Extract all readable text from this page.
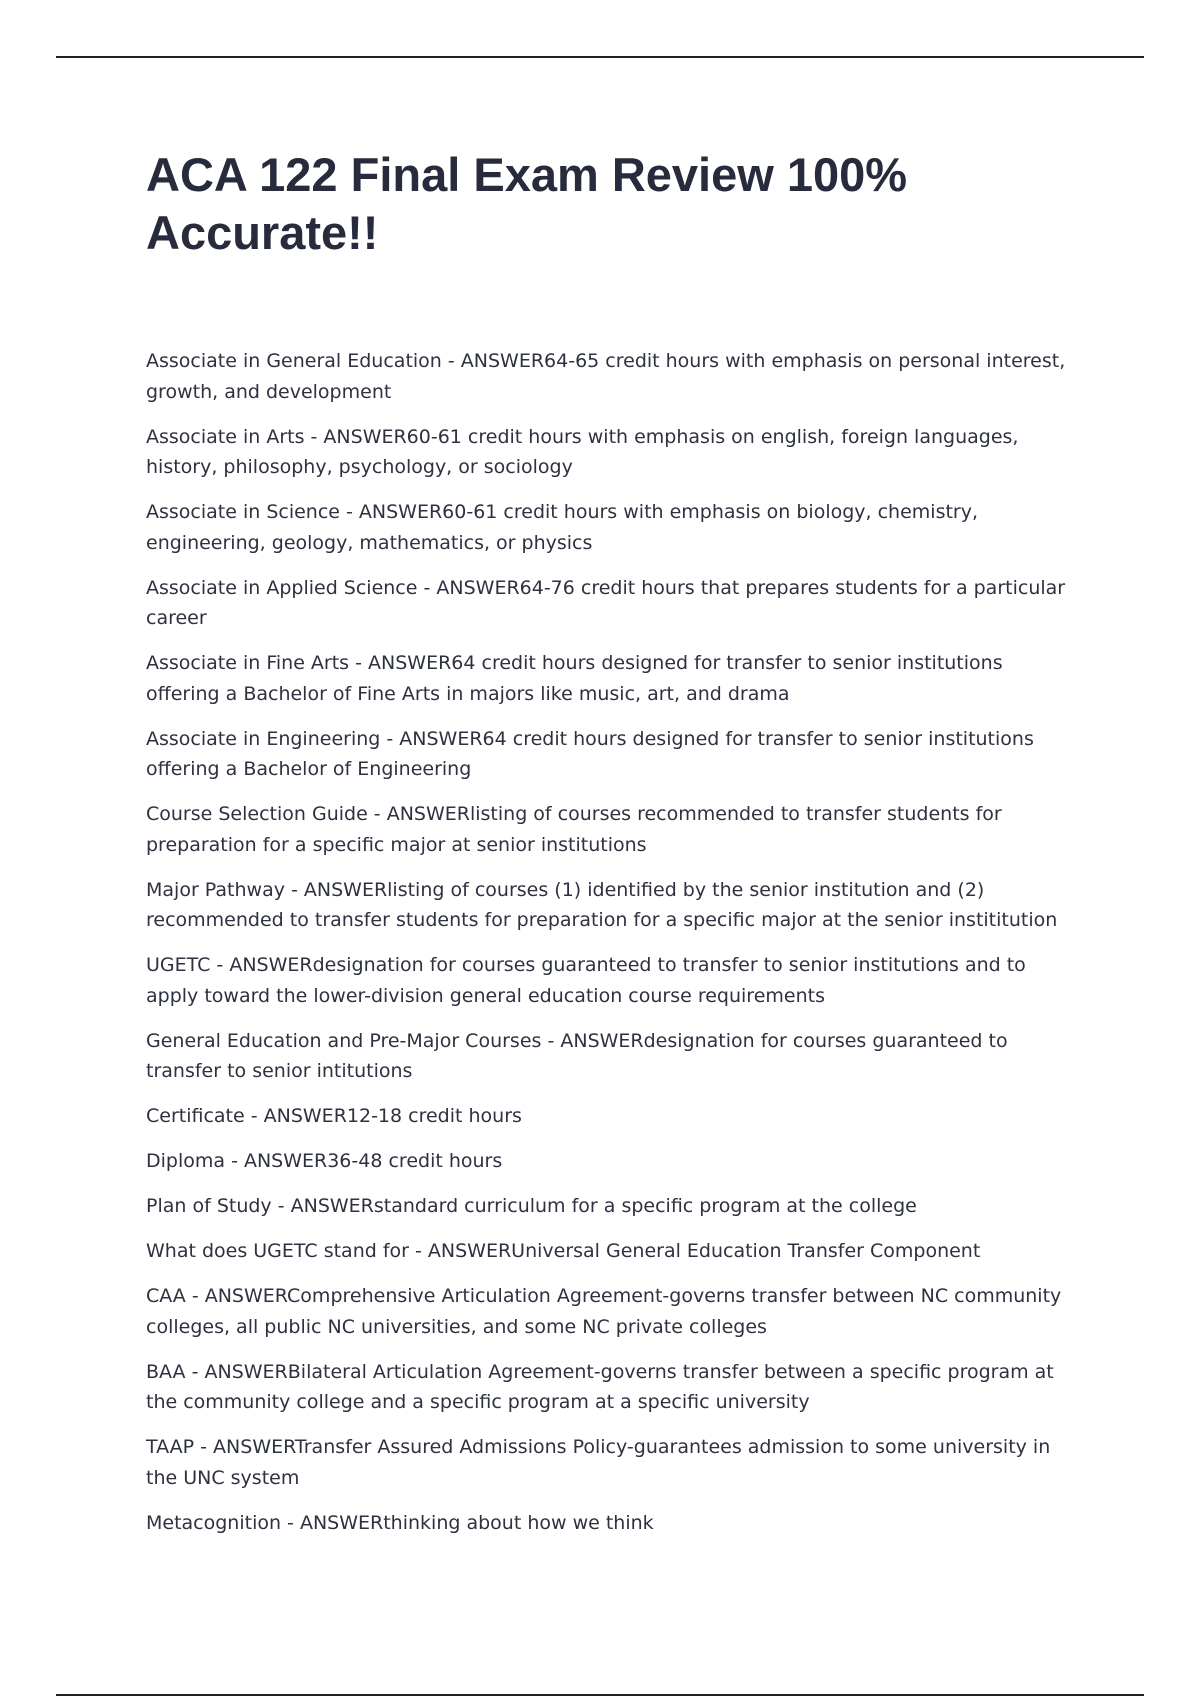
ACA 122 Final Exam Review 100% Accurate!!
Associate in General Education - ANSWER64-65 credit hours with emphasis on personal interest, growth, and development
Associate in Arts - ANSWER60-61 credit hours with emphasis on english, foreign languages, history, philosophy, psychology, or sociology
Associate in Science - ANSWER60-61 credit hours with emphasis on biology, chemistry, engineering, geology, mathematics, or physics
Associate in Applied Science - ANSWER64-76 credit hours that prepares students for a particular career
Associate in Fine Arts - ANSWER64 credit hours designed for transfer to senior institutions offering a Bachelor of Fine Arts in majors like music, art, and drama
Associate in Engineering - ANSWER64 credit hours designed for transfer to senior institutions offering a Bachelor of Engineering
Course Selection Guide - ANSWERlisting of courses recommended to transfer students for preparation for a specific major at senior institutions
Major Pathway - ANSWERlisting of courses (1) identified by the senior institution and (2) recommended to transfer students for preparation for a specific major at the senior instititution
UGETC - ANSWERdesignation for courses guaranteed to transfer to senior institutions and to apply toward the lower-division general education course requirements
General Education and Pre-Major Courses - ANSWERdesignation for courses guaranteed to transfer to senior intitutions
Certificate - ANSWER12-18 credit hours
Diploma - ANSWER36-48 credit hours
Plan of Study - ANSWERstandard curriculum for a specific program at the college
What does UGETC stand for - ANSWERUniversal General Education Transfer Component
CAA - ANSWERComprehensive Articulation Agreement-governs transfer between NC community colleges, all public NC universities, and some NC private colleges
BAA - ANSWERBilateral Articulation Agreement-governs transfer between a specific program at the community college and a specific program at a specific university
TAAP - ANSWERTransfer Assured Admissions Policy-guarantees admission to some university in the UNC system
Metacognition - ANSWERthinking about how we think
